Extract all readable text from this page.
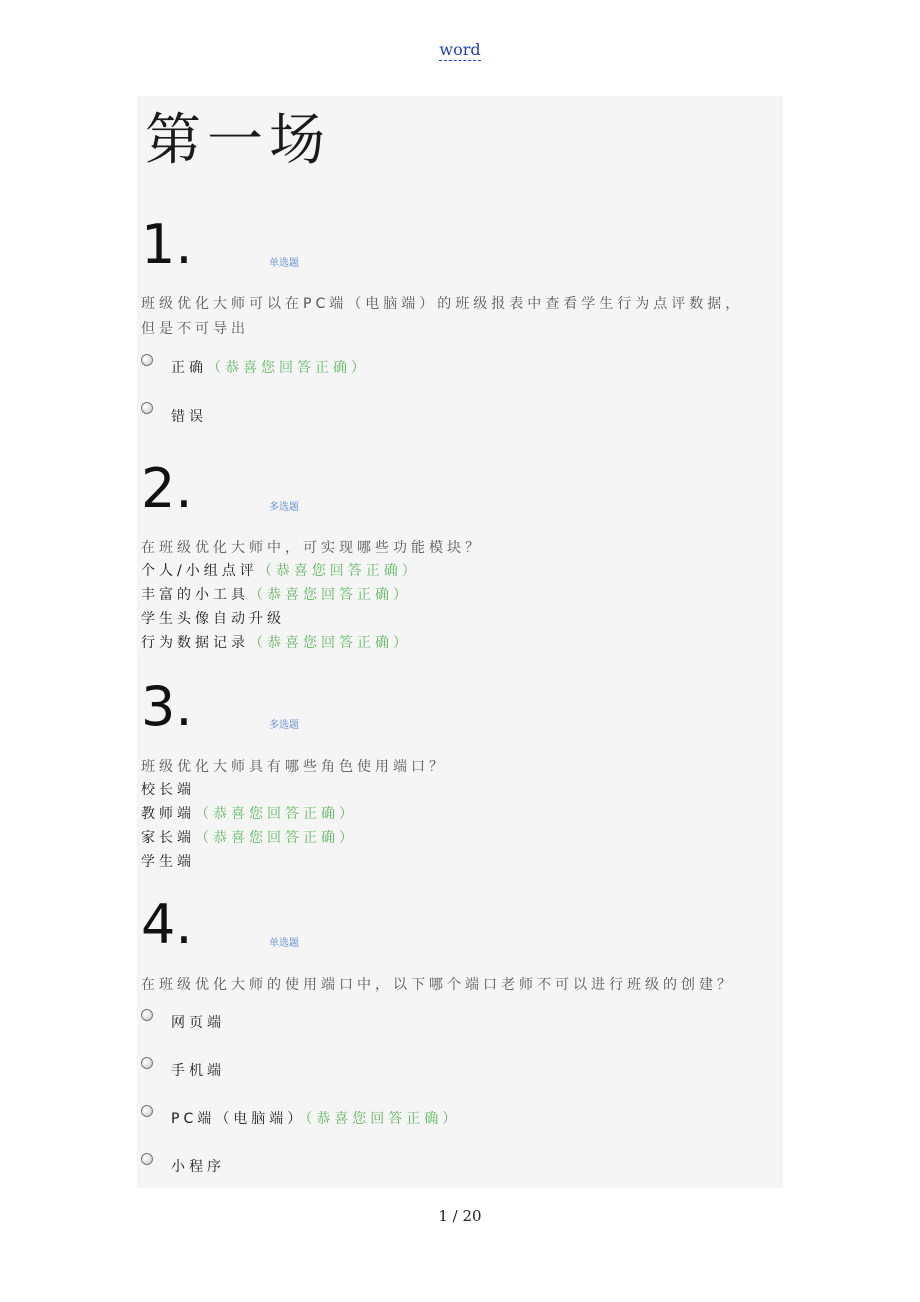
word
第一场
1.	单选题
班级优化大师可以在PC端（电脑端）的班级报表中查看学生行为点评数据，
但是不可导出
正确（恭喜您回答正确）
错误
2.	多选题
在班级优化大师中，可实现哪些功能模块？
个人/小组点评（恭喜您回答正确）
丰富的小工具（恭喜您回答正确）
学生头像自动升级
行为数据记录（恭喜您回答正确）
3.	多选题
班级优化大师具有哪些角色使用端口？
校长端
教师端（恭喜您回答正确）
家长端（恭喜您回答正确）
学生端
4.	单选题
在班级优化大师的使用端口中，以下哪个端口老师不可以进行班级的创建？
网页端
手机端
PC端（电脑端）（恭喜您回答正确）
小程序
1 / 20
